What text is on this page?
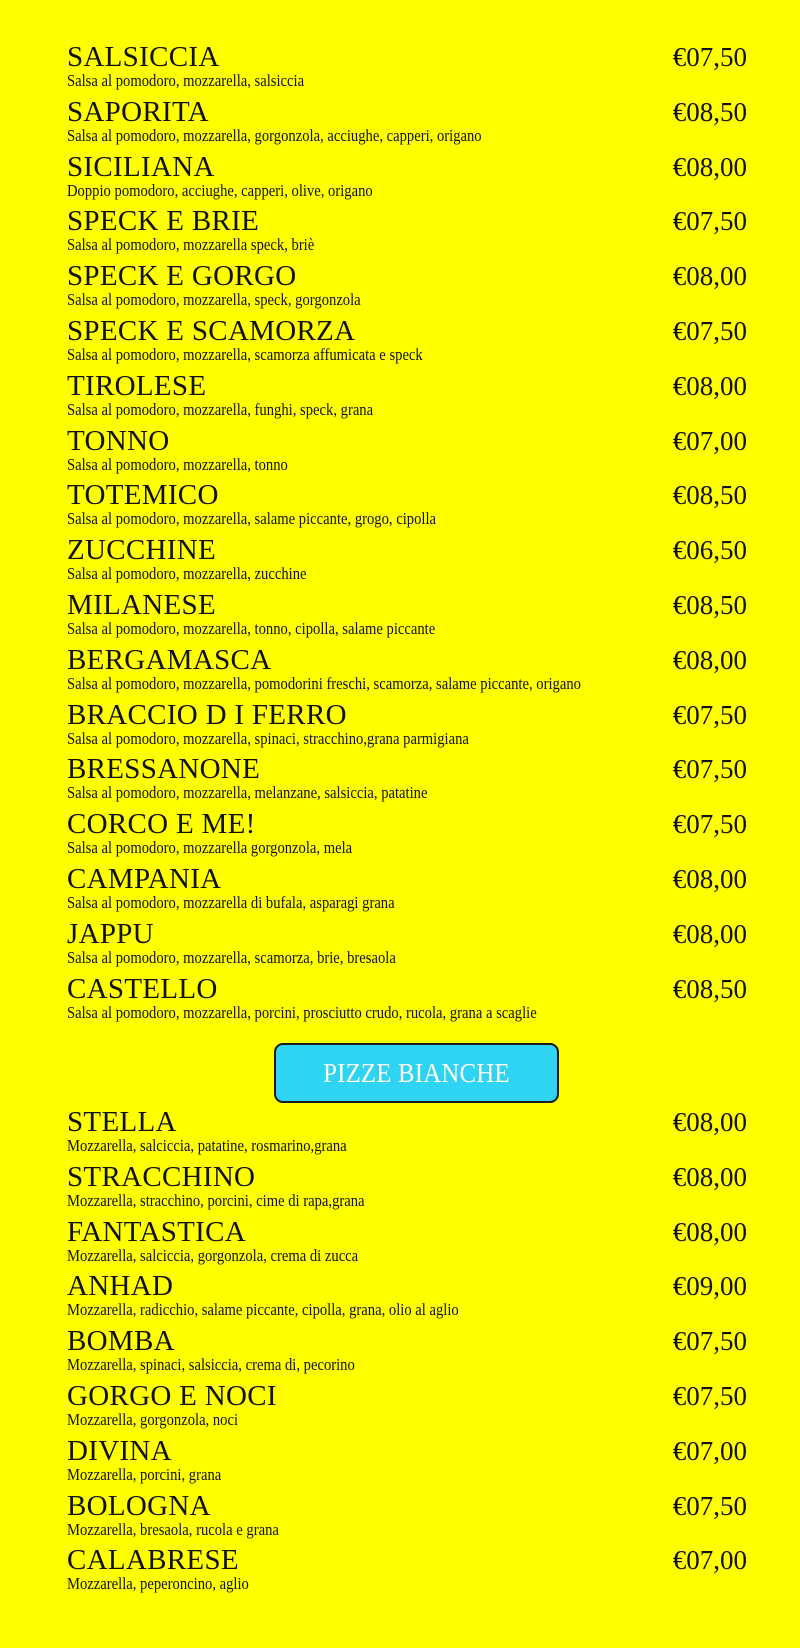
SALSICCIA	€07,50
Salsa al pomodoro, mozzarella, salsiccia
SAPORITA	€08,50
Salsa al pomodoro, mozzarella, gorgonzola, acciughe, capperi, origano
SICILIANA	€08,00
Doppio pomodoro, acciughe, capperi, olive, origano
SPECK E BRIE	€07,50
Salsa al pomodoro, mozzarella speck, briè
SPECK E GORGO	€08,00
Salsa al pomodoro, mozzarella, speck, gorgonzola
SPECK E SCAMORZA	€07,50
Salsa al pomodoro, mozzarella, scamorza affumicata e speck
TIROLESE	€08,00
Salsa al pomodoro, mozzarella, funghi, speck, grana
TONNO	€07,00
Salsa al pomodoro, mozzarella, tonno
TOTEMICO	€08,50
Salsa al pomodoro, mozzarella, salame piccante, grogo, cipolla
ZUCCHINE	€06,50
Salsa al pomodoro, mozzarella, zucchine
MILANESE	€08,50
Salsa al pomodoro, mozzarella, tonno, cipolla, salame piccante
BERGAMASCA	€08,00
Salsa al pomodoro, mozzarella, pomodorini freschi, scamorza, salame piccante, origano
BRACCIO D I FERRO	€07,50
Salsa al pomodoro, mozzarella, spinaci, stracchino,grana parmigiana
BRESSANONE	€07,50
Salsa al pomodoro, mozzarella, melanzane, salsiccia, patatine
CORCO E ME!	€07,50
Salsa al pomodoro, mozzarella gorgonzola, mela
CAMPANIA	€08,00
Salsa al pomodoro, mozzarella di bufala, asparagi grana
JAPPU	€08,00
Salsa al pomodoro, mozzarella, scamorza, brie, bresaola
CASTELLO	€08,50
Salsa al pomodoro, mozzarella, porcini, prosciutto crudo, rucola, grana a scaglie
PIZZE BIANCHE
STELLA	€08,00
Mozzarella, salciccia, patatine, rosmarino,grana
STRACCHINO	€08,00
Mozzarella, stracchino, porcini, cime di rapa,grana
FANTASTICA	€08,00
Mozzarella, salciccia, gorgonzola, crema di zucca
ANHAD	€09,00
Mozzarella, radicchio, salame piccante, cipolla, grana, olio al aglio
BOMBA	€07,50
Mozzarella, spinaci, salsiccia, crema di, pecorino
GORGO E NOCI	€07,50
Mozzarella, gorgonzola, noci
DIVINA	€07,00
Mozzarella, porcini, grana
BOLOGNA	€07,50
Mozzarella, bresaola, rucola e grana
CALABRESE	€07,00
Mozzarella, peperoncino, aglio
